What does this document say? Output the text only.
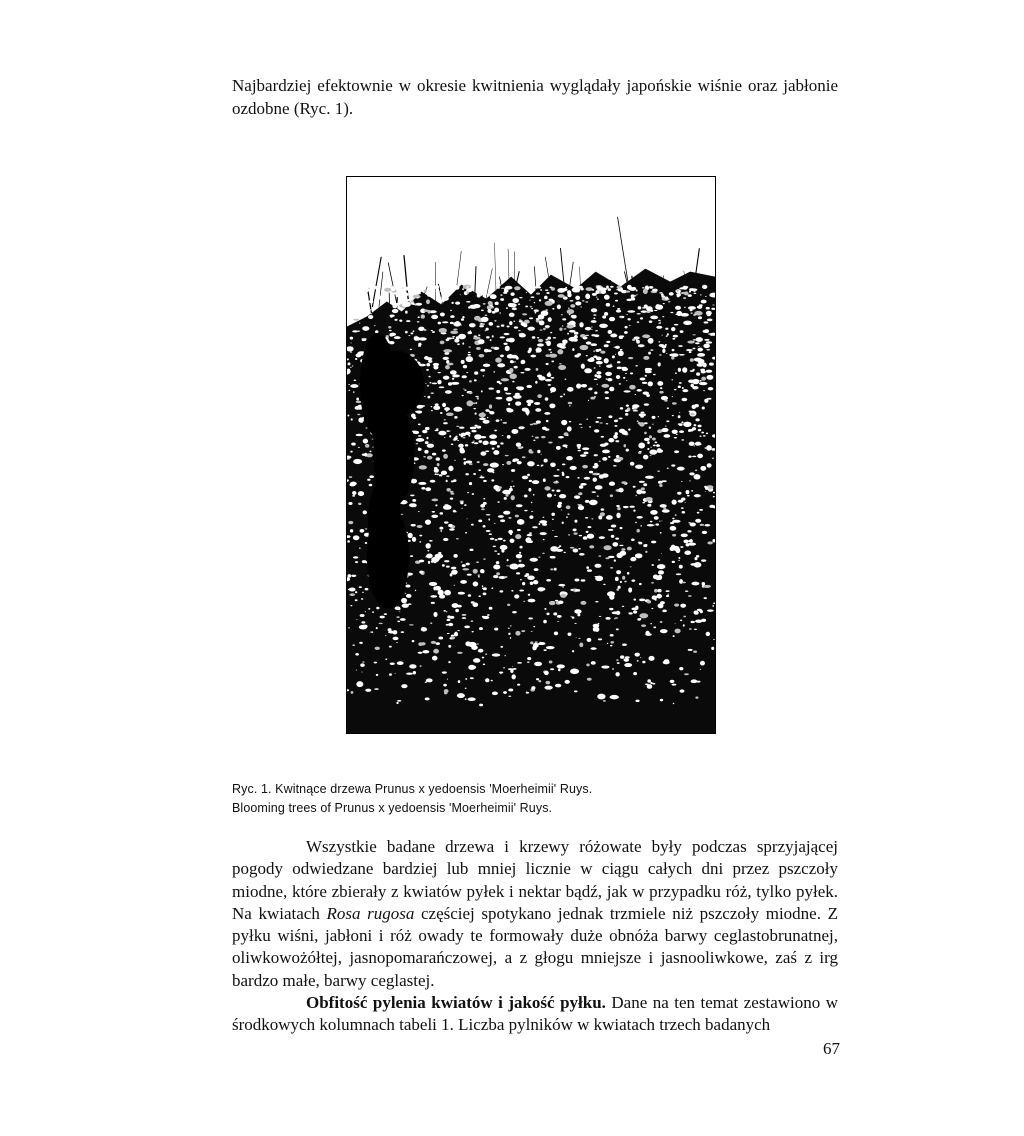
Najbardziej efektownie w okresie kwitnienia wyglądały japońskie wiśnie oraz jabłonie ozdobne (Ryc. 1).

Ryc. 1. Kwitnące drzewa Prunus x yedoensis 'Moerheimii' Ruys.
Blooming trees of Prunus x yedoensis 'Moerheimii' Ruys.

Wszystkie badane drzewa i krzewy różowate były podczas sprzyjającej pogody odwiedzane bardziej lub mniej licznie w ciągu całych dni przez pszczoły miodne, które zbierały z kwiatów pyłek i nektar bądź, jak w przypadku róż, tylko pyłek. Na kwiatach Rosa rugosa częściej spotykano jednak trzmiele niż pszczoły miodne. Z pyłku wiśni, jabłoni i róż owady te formowały duże obnóża barwy ceglastobrunatnej, oliwkowożółtej, jasnopomarańczowej, a z głogu mniejsze i jasnooliwkowe, zaś z irg bardzo małe, barwy ceglastej.

Obfitość pylenia kwiatów i jakość pyłku. Dane na ten temat zestawiono w środkowych kolumnach tabeli 1. Liczba pylników w kwiatach trzech badanych

67
